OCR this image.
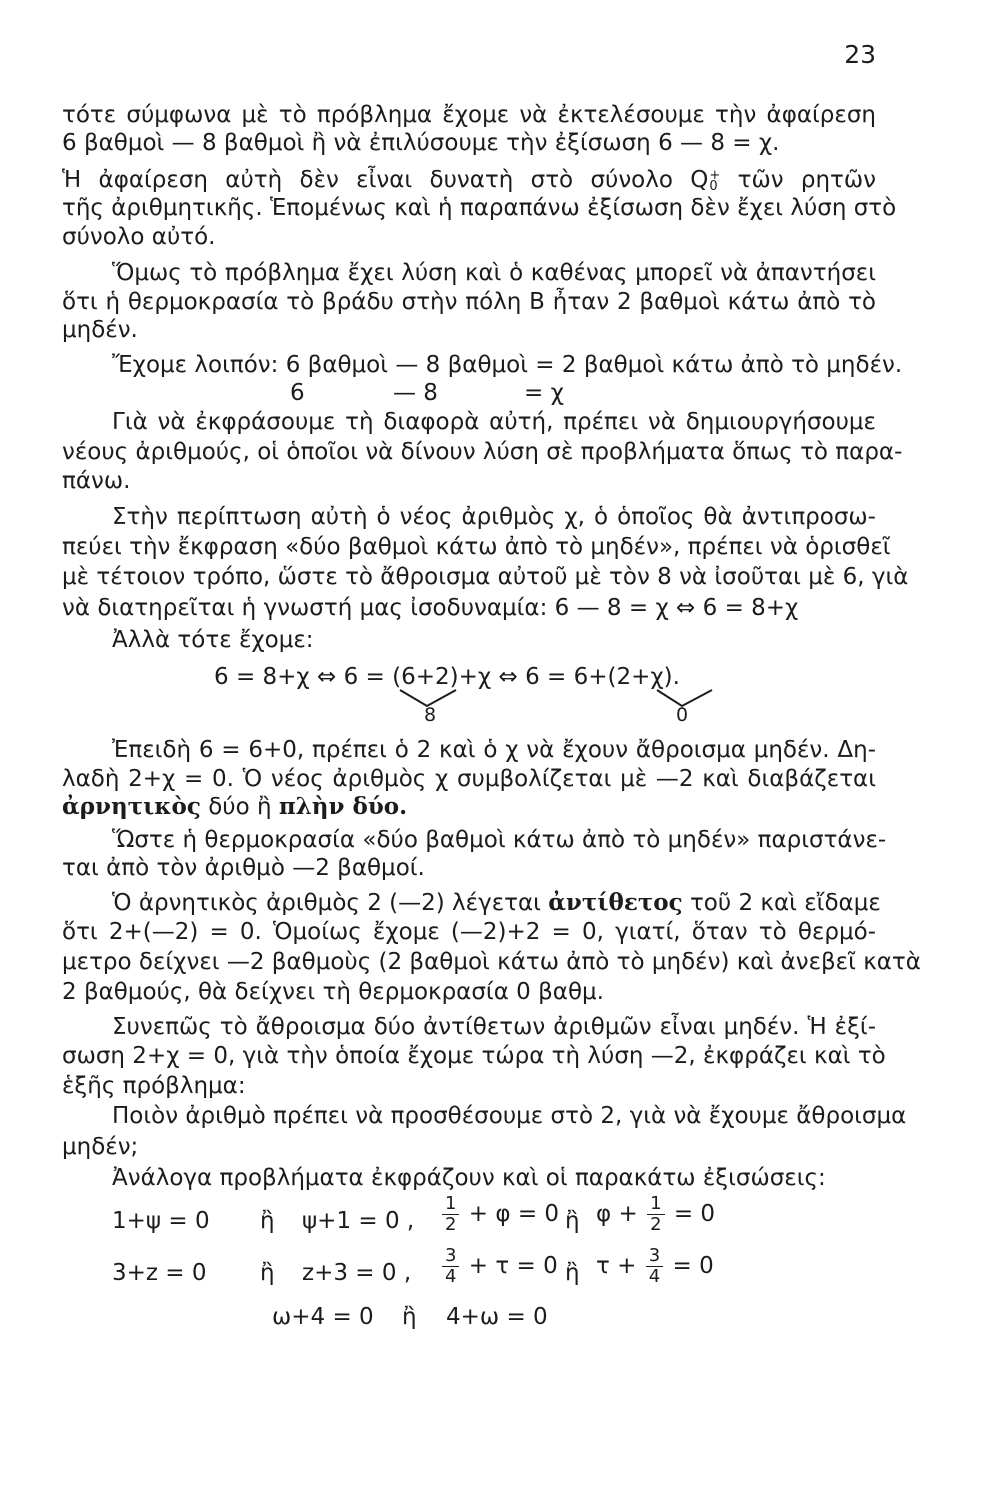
23
τότε σύμφωνα μὲ τὸ πρόβλημα ἔχομε νὰ ἐκτελέσουμε τὴν ἀφαίρεση
6 βαθμοὶ — 8 βαθμοὶ ἢ νὰ ἐπιλύσουμε τὴν ἐξίσωση 6 — 8 = χ.
Ἡ ἀφαίρεση αὐτὴ δὲν εἶναι δυνατὴ στὸ σύνολο Q +
0 τῶν ρητῶν
τῆς ἀριθμητικῆς. Ἑπομένως καὶ ἡ παραπάνω ἐξίσωση δὲν ἔχει λύση στὸ
σύνολο αὐτό.
Ὅμως τὸ πρόβλημα ἔχει λύση καὶ ὁ καθένας μπορεῖ νὰ ἀπαντήσει
ὅτι ἡ θερμοκρασία τὸ βράδυ στὴν πόλη Β ἦταν 2 βαθμοὶ κάτω ἀπὸ τὸ
μηδέν.
Ἔχομε λοιπόν: 6 βαθμοὶ — 8 βαθμοὶ = 2 βαθμοὶ κάτω ἀπὸ τὸ μηδέν.
6	— 8	= χ
Γιὰ νὰ ἐκφράσουμε τὴ διαφορὰ αὐτή, πρέπει νὰ δημιουργήσουμε
νέους ἀριθμούς, οἱ ὁποῖοι νὰ δίνουν λύση σὲ προβλήματα ὅπως τὸ παρα-
πάνω.
Στὴν περίπτωση αὐτὴ ὁ νέος ἀριθμὸς χ, ὁ ὁποῖος θὰ ἀντιπροσω-
πεύει τὴν ἔκφραση «δύο βαθμοὶ κάτω ἀπὸ τὸ μηδέν», πρέπει νὰ ὁρισθεῖ
μὲ τέτοιον τρόπο, ὥστε τὸ ἄθροισμα αὐτοῦ μὲ τὸν 8 νὰ ἰσοῦται μὲ 6, γιὰ
νὰ διατηρεῖται ἡ γνωστή μας ἰσοδυναμία: 6 — 8 = χ ⇔ 6 = 8+χ
Ἀλλὰ τότε ἔχομε:
6 = 8+χ ⇔ 6 = (6+2)+χ ⇔ 6 = 6+(2+χ).
8	0
Ἐπειδὴ 6 = 6+0, πρέπει ὁ 2 καὶ ὁ χ νὰ ἔχουν ἄθροισμα μηδέν. Δη-
λαδὴ 2+χ = 0. Ὁ νέος ἀριθμὸς χ συμβολίζεται μὲ —2 καὶ διαβάζεται
ἀρνητικὸς δύο ἢ πλὴν δύο.
Ὥστε ἡ θερμοκρασία «δύο βαθμοὶ κάτω ἀπὸ τὸ μηδέν» παριστάνε-
ται ἀπὸ τὸν ἀριθμὸ —2 βαθμοί.
Ὁ ἀρνητικὸς ἀριθμὸς 2 (—2) λέγεται ἀντίθετος τοῦ 2 καὶ εἴδαμε
ὅτι 2+(—2) = 0. Ὁμοίως ἔχομε (—2)+2 = 0, γιατί, ὅταν τὸ θερμό-
μετρο δείχνει —2 βαθμοὺς (2 βαθμοὶ κάτω ἀπὸ τὸ μηδέν) καὶ ἀνεβεῖ κατὰ
2 βαθμούς, θὰ δείχνει τὴ θερμοκρασία 0 βαθμ.
Συνεπῶς τὸ ἄθροισμα δύο ἀντίθετων ἀριθμῶν εἶναι μηδέν. Ἡ ἐξί-
σωση 2+χ = 0, γιὰ τὴν ὁποία ἔχομε τώρα τὴ λύση —2, ἐκφράζει καὶ τὸ
ἑξῆς πρόβλημα:
Ποιὸν ἀριθμὸ πρέπει νὰ προσθέσουμε στὸ 2, γιὰ νὰ ἔχουμε ἄθροισμα
μηδέν;
Ἀνάλογα προβλήματα ἐκφράζουν καὶ οἱ παρακάτω ἐξισώσεις:
1+ψ = 0 ἢ ψ+1 = 0 , $\frac{1}{2} + \varphi = 0$ ἢ $\varphi + \frac{1}{2} = 0$
3+z = 0 ἢ z+3 = 0 , $\frac{3}{4} + \tau = 0$ ἢ $\tau + \frac{3}{4} = 0$
ω+4 = 0 ἢ 4+ω = 0
